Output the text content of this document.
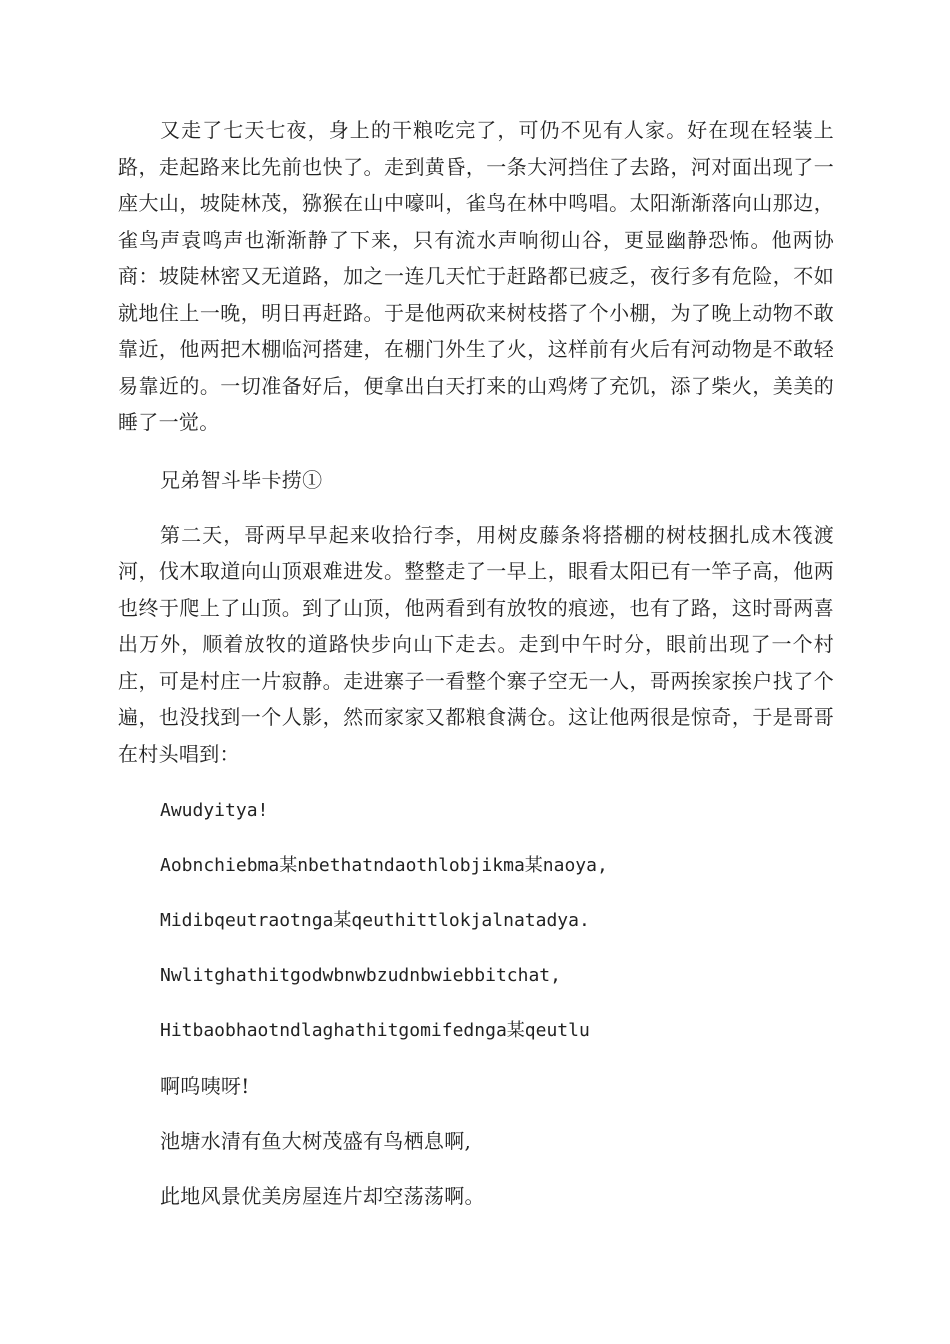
又走了七天七夜，身上的干粮吃完了，可仍不见有人家。好在现在轻装上路，走起路来比先前也快了。走到黄昏，一条大河挡住了去路，河对面出现了一座大山，坡陡林茂，猕猴在山中嚎叫，雀鸟在林中鸣唱。太阳渐渐落向山那边，雀鸟声袁鸣声也渐渐静了下来，只有流水声响彻山谷，更显幽静恐怖。他两协商：坡陡林密又无道路，加之一连几天忙于赶路都已疲乏，夜行多有危险，不如就地住上一晚，明日再赶路。于是他两砍来树枝搭了个小棚，为了晚上动物不敢靠近，他两把木棚临河搭建，在棚门外生了火，这样前有火后有河动物是不敢轻易靠近的。一切准备好后，便拿出白天打来的山鸡烤了充饥，添了柴火，美美的睡了一觉。

兄弟智斗毕卡捞①

第二天，哥两早早起来收拾行李，用树皮藤条将搭棚的树枝捆扎成木筏渡河，伐木取道向山顶艰难进发。整整走了一早上，眼看太阳已有一竿子高，他两也终于爬上了山顶。到了山顶，他两看到有放牧的痕迹，也有了路，这时哥两喜出万外，顺着放牧的道路快步向山下走去。走到中午时分，眼前出现了一个村庄，可是村庄一片寂静。走进寨子一看整个寨子空无一人，哥两挨家挨户找了个遍，也没找到一个人影，然而家家又都粮食满仓。这让他两很是惊奇，于是哥哥在村头唱到：

Awudyitya!

Aobnchiebma某nbethatndaothlobjikma某naoya,

Midibqeutraotnga某qeuthittlokjalnatadya.

Nwlitghathitgodwbnwbzudnbwiebbitchat,

Hitbaobhaotndlaghathitgomifednga某qeutlu

啊呜咦呀!

池塘水清有鱼大树茂盛有鸟栖息啊,

此地风景优美房屋连片却空荡荡啊。
